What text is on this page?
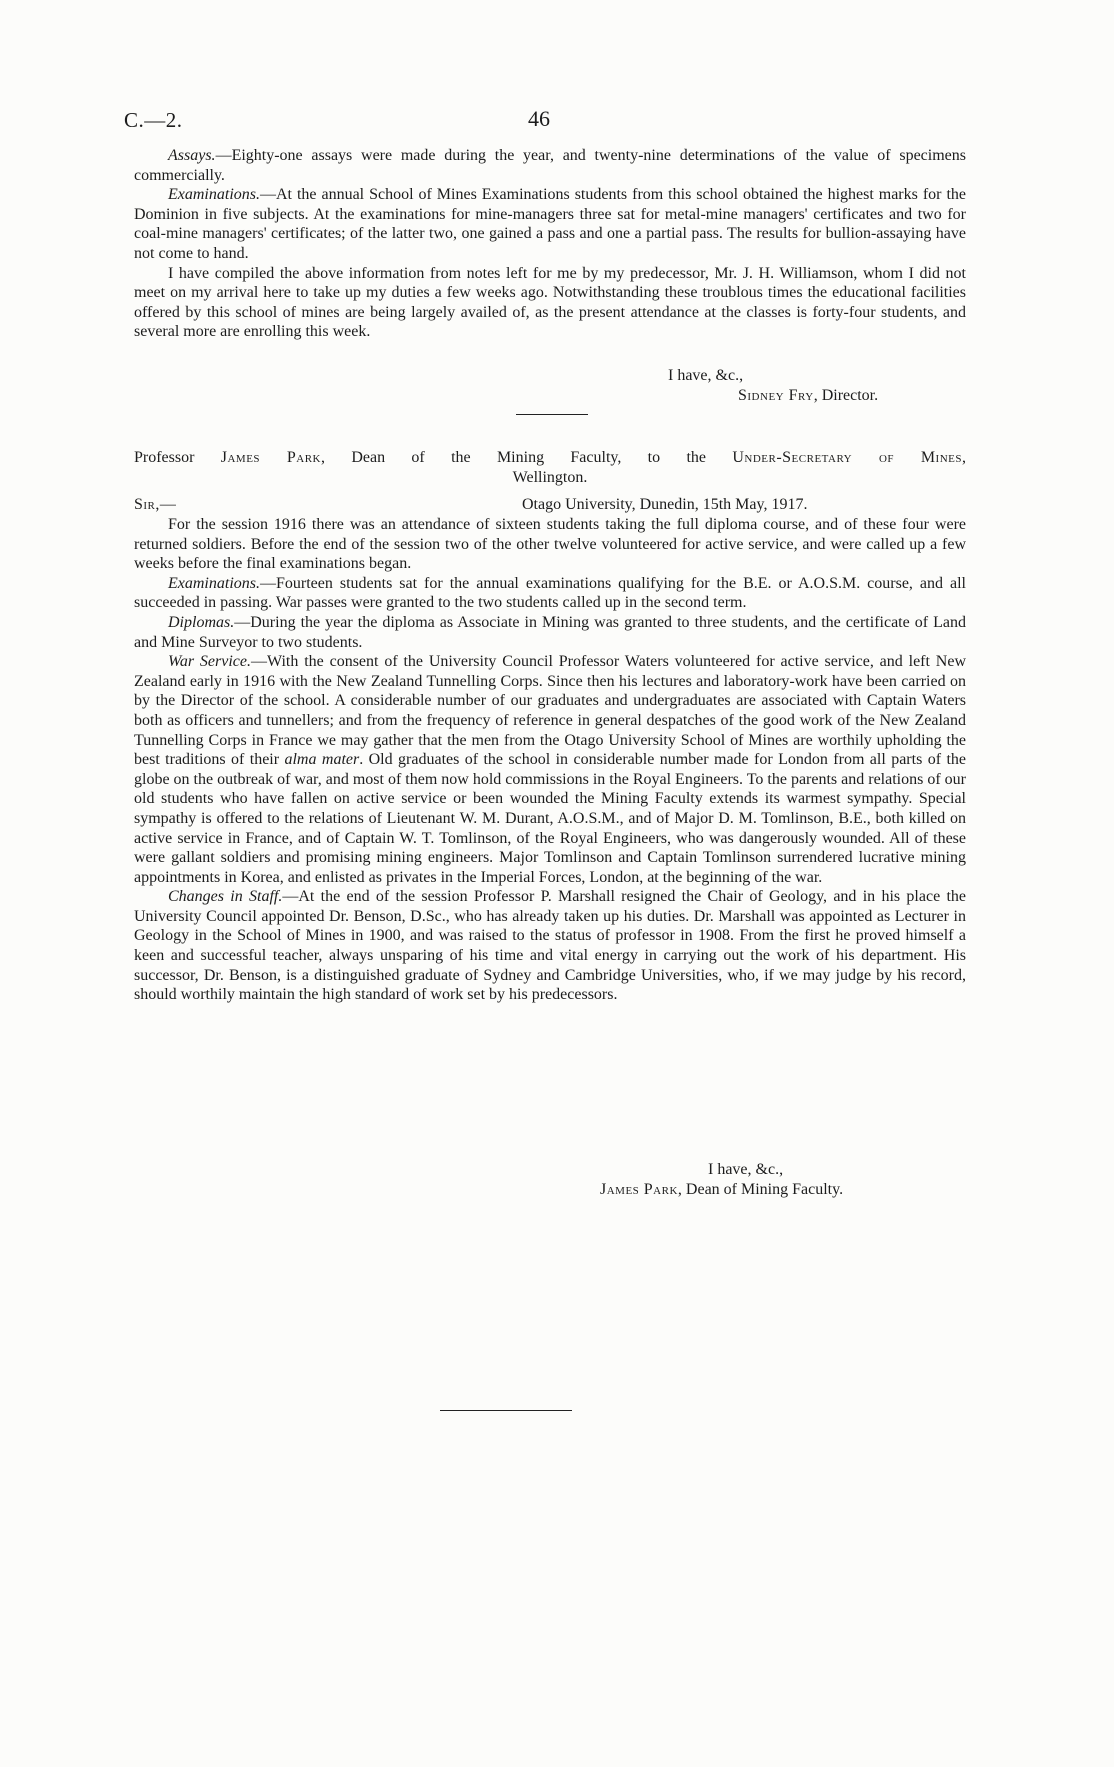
C.—2.	46

Assays.—Eighty-one assays were made during the year, and twenty-nine determinations of the value of specimens commercially.

Examinations.—At the annual School of Mines Examinations students from this school obtained the highest marks for the Dominion in five subjects. At the examinations for mine-managers three sat for metal-mine managers' certificates and two for coal-mine managers' certificates; of the latter two, one gained a pass and one a partial pass. The results for bullion-assaying have not come to hand.

I have compiled the above information from notes left for me by my predecessor, Mr. J. H. Williamson, whom I did not meet on my arrival here to take up my duties a few weeks ago. Notwithstanding these troublous times the educational facilities offered by this school of mines are being largely availed of, as the present attendance at the classes is forty-four students, and several more are enrolling this week.

I have, &c.,
Sidney Fry, Director.
Professor James Park, Dean of the Mining Faculty, to the Under-Secretary of Mines,
Wellington.
Sir,—	Otago University, Dunedin, 15th May, 1917.

For the session 1916 there was an attendance of sixteen students taking the full diploma course, and of these four were returned soldiers. Before the end of the session two of the other twelve volunteered for active service, and were called up a few weeks before the final examinations began.

Examinations.—Fourteen students sat for the annual examinations qualifying for the B.E. or A.O.S.M. course, and all succeeded in passing. War passes were granted to the two students called up in the second term.

Diplomas.—During the year the diploma as Associate in Mining was granted to three students, and the certificate of Land and Mine Surveyor to two students.

War Service.—With the consent of the University Council Professor Waters volunteered for active service, and left New Zealand early in 1916 with the New Zealand Tunnelling Corps. Since then his lectures and laboratory-work have been carried on by the Director of the school. A considerable number of our graduates and undergraduates are associated with Captain Waters both as officers and tunnellers; and from the frequency of reference in general despatches of the good work of the New Zealand Tunnelling Corps in France we may gather that the men from the Otago University School of Mines are worthily upholding the best traditions of their alma mater. Old graduates of the school in considerable number made for London from all parts of the globe on the outbreak of war, and most of them now hold commissions in the Royal Engineers. To the parents and relations of our old students who have fallen on active service or been wounded the Mining Faculty extends its warmest sympathy. Special sympathy is offered to the relations of Lieutenant W. M. Durant, A.O.S.M., and of Major D. M. Tomlinson, B.E., both killed on active service in France, and of Captain W. T. Tomlinson, of the Royal Engineers, who was dangerously wounded. All of these were gallant soldiers and promising mining engineers. Major Tomlinson and Captain Tomlinson surrendered lucrative mining appointments in Korea, and enlisted as privates in the Imperial Forces, London, at the beginning of the war.

Changes in Staff.—At the end of the session Professor P. Marshall resigned the Chair of Geology, and in his place the University Council appointed Dr. Benson, D.Sc., who has already taken up his duties. Dr. Marshall was appointed as Lecturer in Geology in the School of Mines in 1900, and was raised to the status of professor in 1908. From the first he proved himself a keen and successful teacher, always unsparing of his time and vital energy in carrying out the work of his department. His successor, Dr. Benson, is a distinguished graduate of Sydney and Cambridge Universities, who, if we may judge by his record, should worthily maintain the high standard of work set by his predecessors.

I have, &c.,
James Park, Dean of Mining Faculty.
